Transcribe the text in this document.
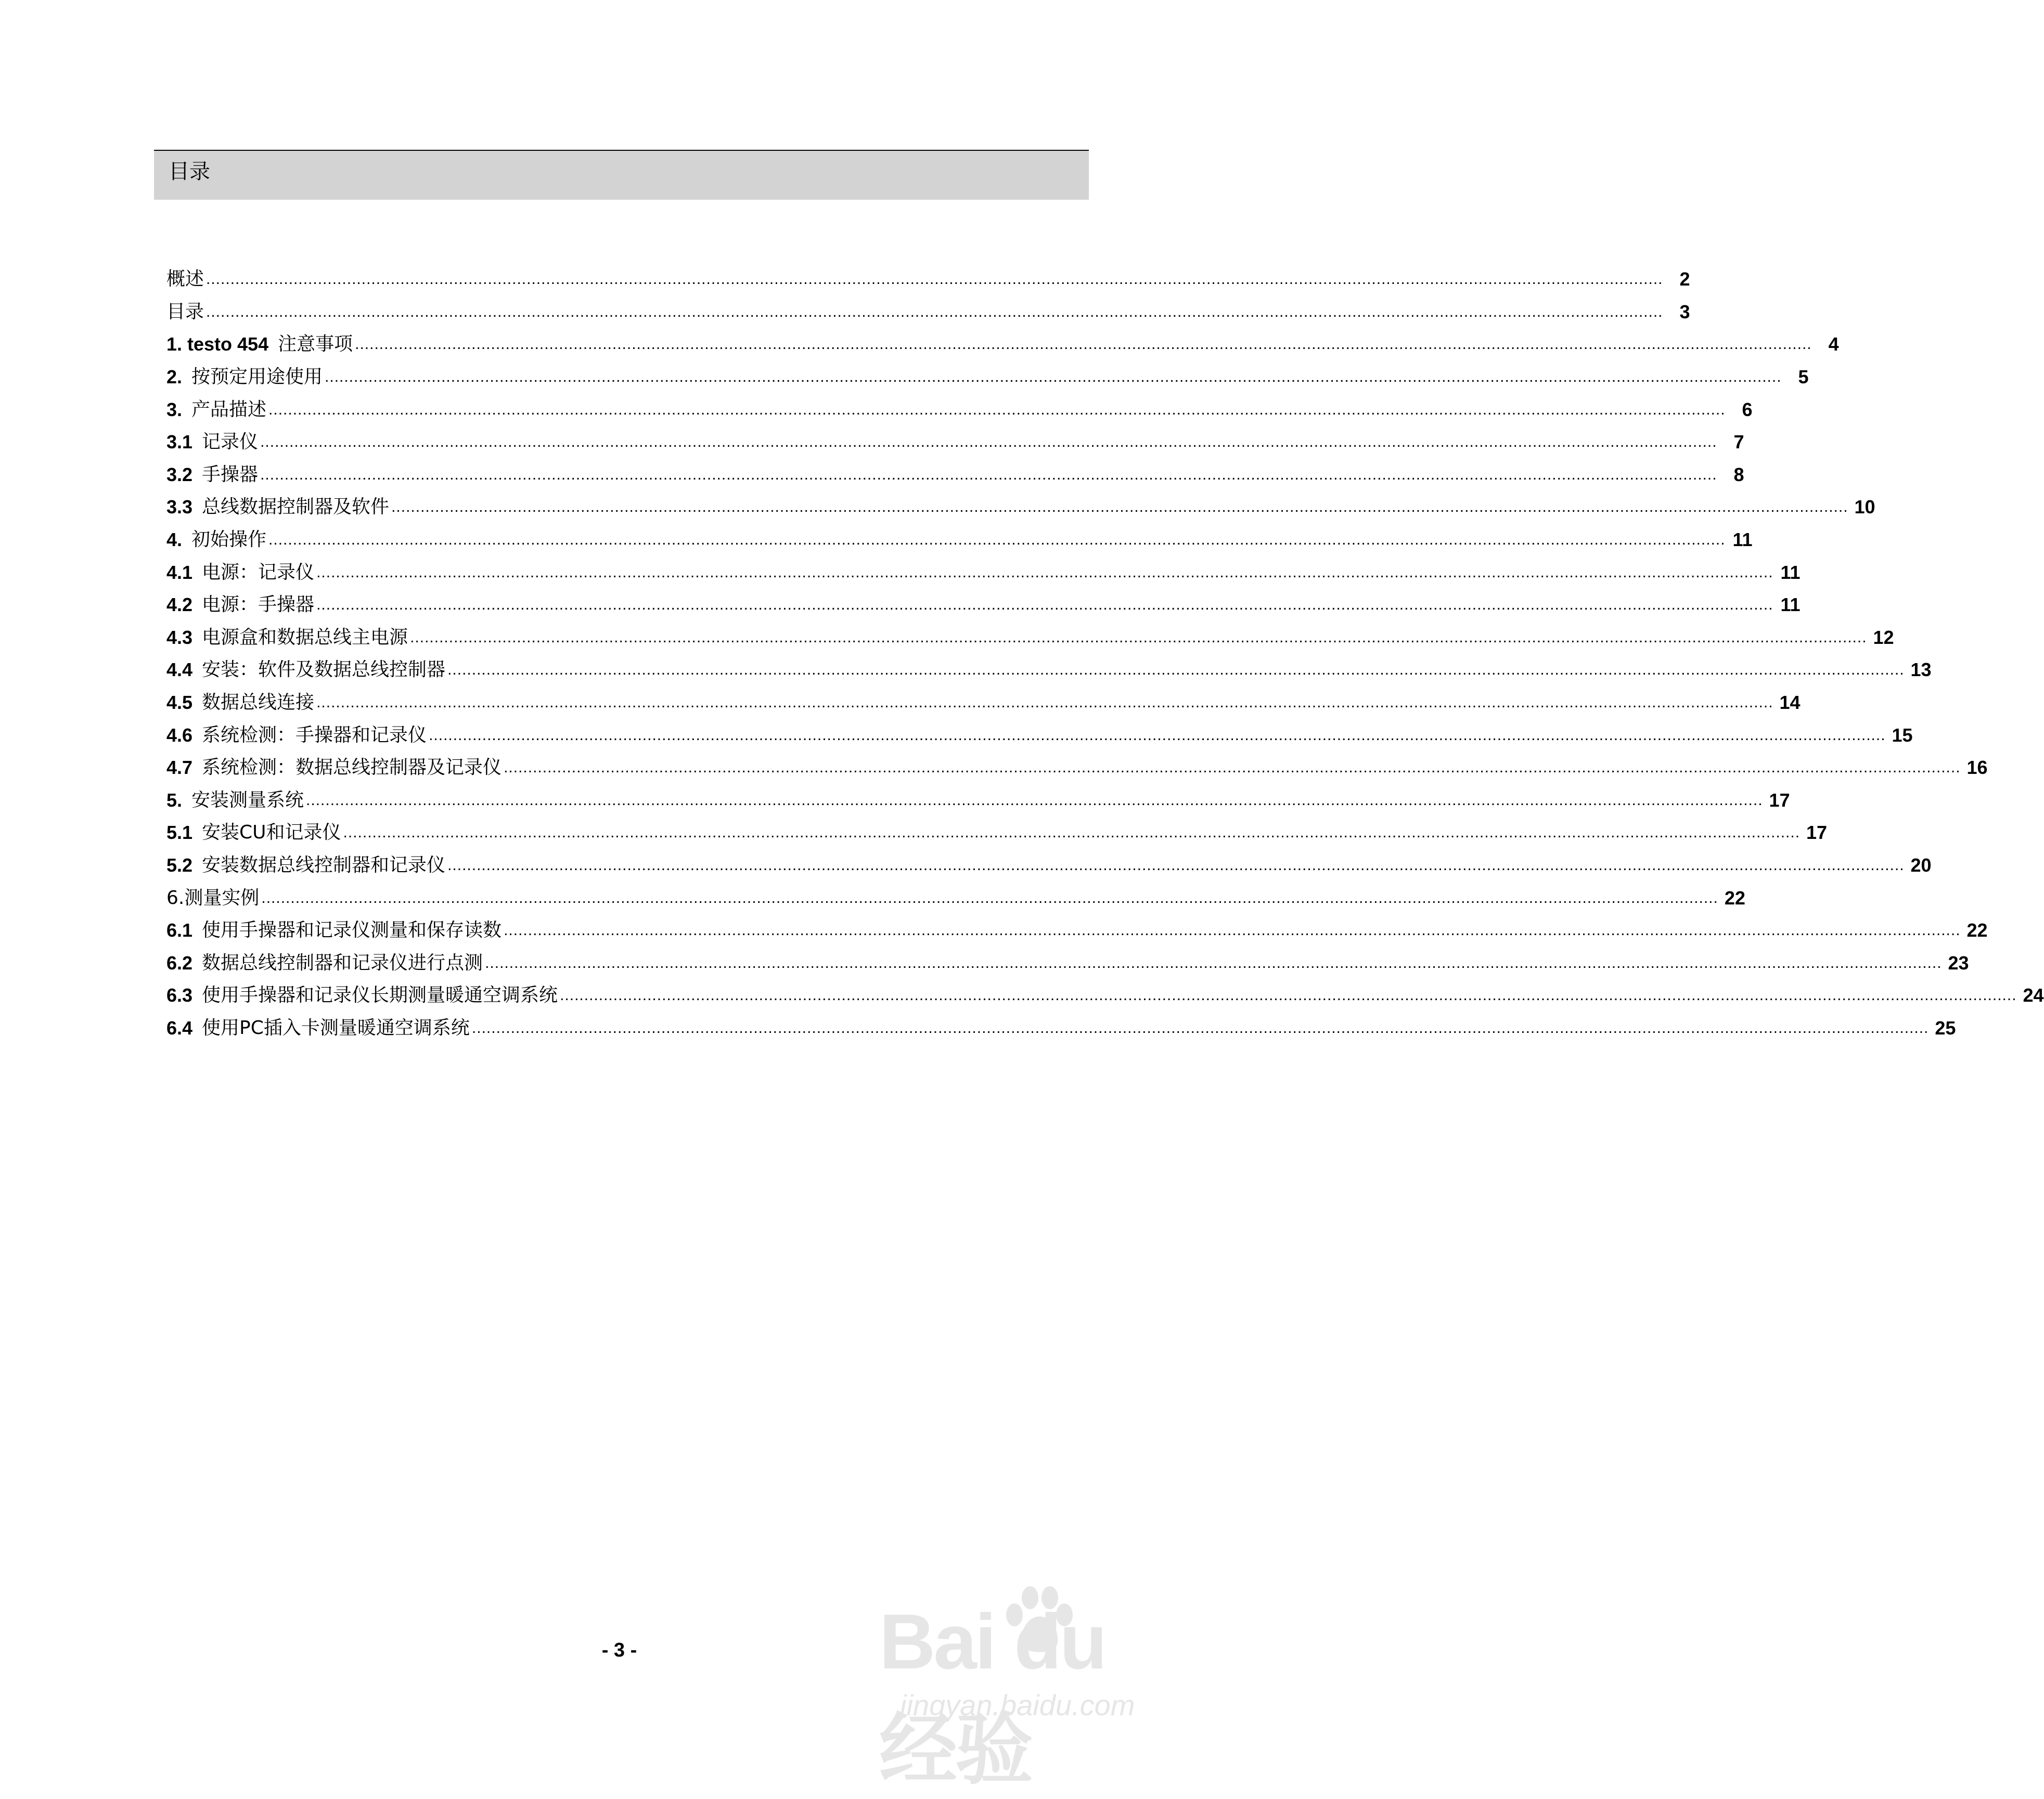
目录
概述 ............................................................................................................................................................................................................................................................................................................ 2
目录 ............................................................................................................................................................................................................................................................................................................ 3
1. testo 454 注意事项 ............................................................................................................................................................................................................................................................................................................ 4
2. 按预定用途使用 ............................................................................................................................................................................................................................................................................................................ 5
3. 产品描述 ............................................................................................................................................................................................................................................................................................................ 6
3.1 记录仪 ............................................................................................................................................................................................................................................................................................................ 7
3.2 手操器 ............................................................................................................................................................................................................................................................................................................ 8
3.3 总线数据控制器及软件 ............................................................................................................................................................................................................................................................................................................ 10
4. 初始操作 ............................................................................................................................................................................................................................................................................................................ 11
4.1 电源：记录仪 ............................................................................................................................................................................................................................................................................................................ 11
4.2 电源：手操器 ............................................................................................................................................................................................................................................................................................................ 11
4.3 电源盒和数据总线主电源 ............................................................................................................................................................................................................................................................................................................ 12
4.4 安装：软件及数据总线控制器 ............................................................................................................................................................................................................................................................................................................ 13
4.5 数据总线连接 ............................................................................................................................................................................................................................................................................................................ 14
4.6 系统检测：手操器和记录仪 ............................................................................................................................................................................................................................................................................................................ 15
4.7 系统检测：数据总线控制器及记录仪 ............................................................................................................................................................................................................................................................................................................ 16
5. 安装测量系统 ............................................................................................................................................................................................................................................................................................................ 17
5.1 安装CU和记录仪 ............................................................................................................................................................................................................................................................................................................ 17
5.2 安装数据总线控制器和记录仪 ............................................................................................................................................................................................................................................................................................................ 20
6.测量实例 ............................................................................................................................................................................................................................................................................................................ 22
6.1 使用手操器和记录仪测量和保存读数 ............................................................................................................................................................................................................................................................................................................ 22
6.2 数据总线控制器和记录仪进行点测 ............................................................................................................................................................................................................................................................................................................ 23
6.3 使用手操器和记录仪长期测量暖通空调系统 ............................................................................................................................................................................................................................................................................................................ 24
6.4 使用PC插入卡测量暖通空调系统 ............................................................................................................................................................................................................................................................................................................ 25
- 3 -	Bai du 经验
jingyan.baidu.com
